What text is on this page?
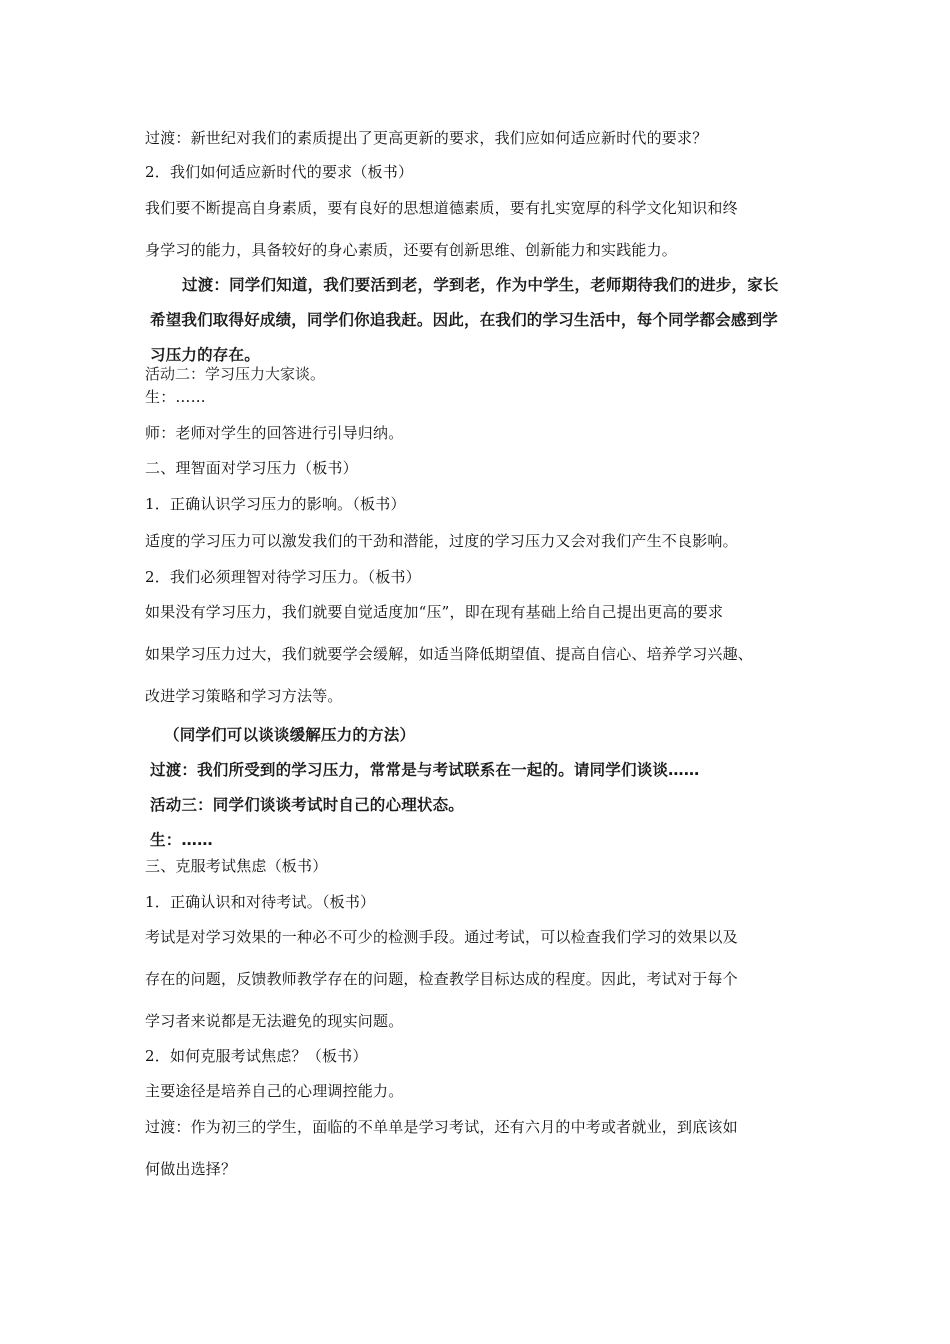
过渡：新世纪对我们的素质提出了更高更新的要求，我们应如何适应新时代的要求？
2．我们如何适应新时代的要求（板书）
我们要不断提高自身素质，要有良好的思想道德素质，要有扎实宽厚的科学文化知识和终
身学习的能力，具备较好的身心素质，还要有创新思维、创新能力和实践能力。
过渡：同学们知道，我们要活到老，学到老，作为中学生，老师期待我们的进步，家长
希望我们取得好成绩，同学们你追我赶。因此，在我们的学习生活中，每个同学都会感到学
习压力的存在。
活动二：学习压力大家谈。
生：……
师：老师对学生的回答进行引导归纳。
二、理智面对学习压力（板书）
1．正确认识学习压力的影响。（板书）
适度的学习压力可以激发我们的干劲和潜能，过度的学习压力又会对我们产生不良影响。
2．我们必须理智对待学习压力。（板书）
如果没有学习压力，我们就要自觉适度加“压”，即在现有基础上给自己提出更高的要求
如果学习压力过大，我们就要学会缓解，如适当降低期望值、提高自信心、培养学习兴趣、
改进学习策略和学习方法等。
（同学们可以谈谈缓解压力的方法）
过渡：我们所受到的学习压力，常常是与考试联系在一起的。请同学们谈谈……
活动三：同学们谈谈考试时自己的心理状态。
生：……
三、克服考试焦虑（板书）
1．正确认识和对待考试。（板书）
考试是对学习效果的一种必不可少的检测手段。通过考试，可以检查我们学习的效果以及
存在的问题，反馈教师教学存在的问题，检查教学目标达成的程度。因此，考试对于每个
学习者来说都是无法避免的现实问题。
2．如何克服考试焦虑？（板书）
主要途径是培养自己的心理调控能力。
过渡：作为初三的学生，面临的不单单是学习考试，还有六月的中考或者就业，到底该如
何做出选择？
